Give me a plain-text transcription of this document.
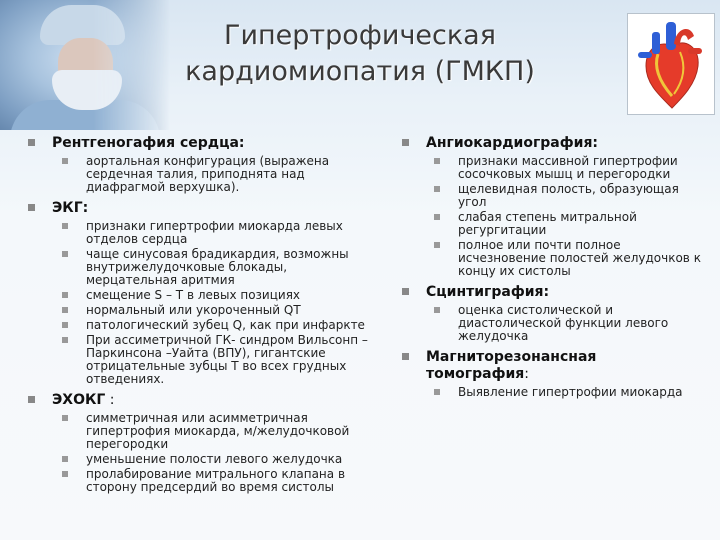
Гипертрофическая
кардиомиопатия (ГМКП)
Рентгеногафия сердца:
аортальная конфигурация (выражена сердечная талия, приподнята над диафрагмой верхушка).
ЭКГ:
признаки гипертрофии миокарда левых отделов сердца
чаще синусовая брадикардия, возможны внутрижелудочковые блокады, мерцательная аритмия
смещение S – T в левых позициях
нормальный или укороченный QT
патологический зубец Q, как при инфаркте
При ассиметричной ГК- синдром Вильсонп – Паркинсона –Уайта (ВПУ), гигантские отрицательные зубцы T во всех грудных отведениях.
ЭХОКГ :
симметричная или асимметричная гипертрофия миокарда, м/желудочковой перегородки
уменьшение полости левого желудочка
пролабирование митрального клапана в сторону предсердий во время систолы
Ангиокардиография:
признаки массивной гипертрофии сосочковых мышц и перегородки
щелевидная полость, образующая угол
слабая степень митральной регургитации
полное или почти полное исчезновение полостей желудочков к концу их систолы
Сцинтиграфия:
оценка систолической и диастолической функции левого желудочка
Магниторезонансная томография:
Выявление гипертрофии миокарда
